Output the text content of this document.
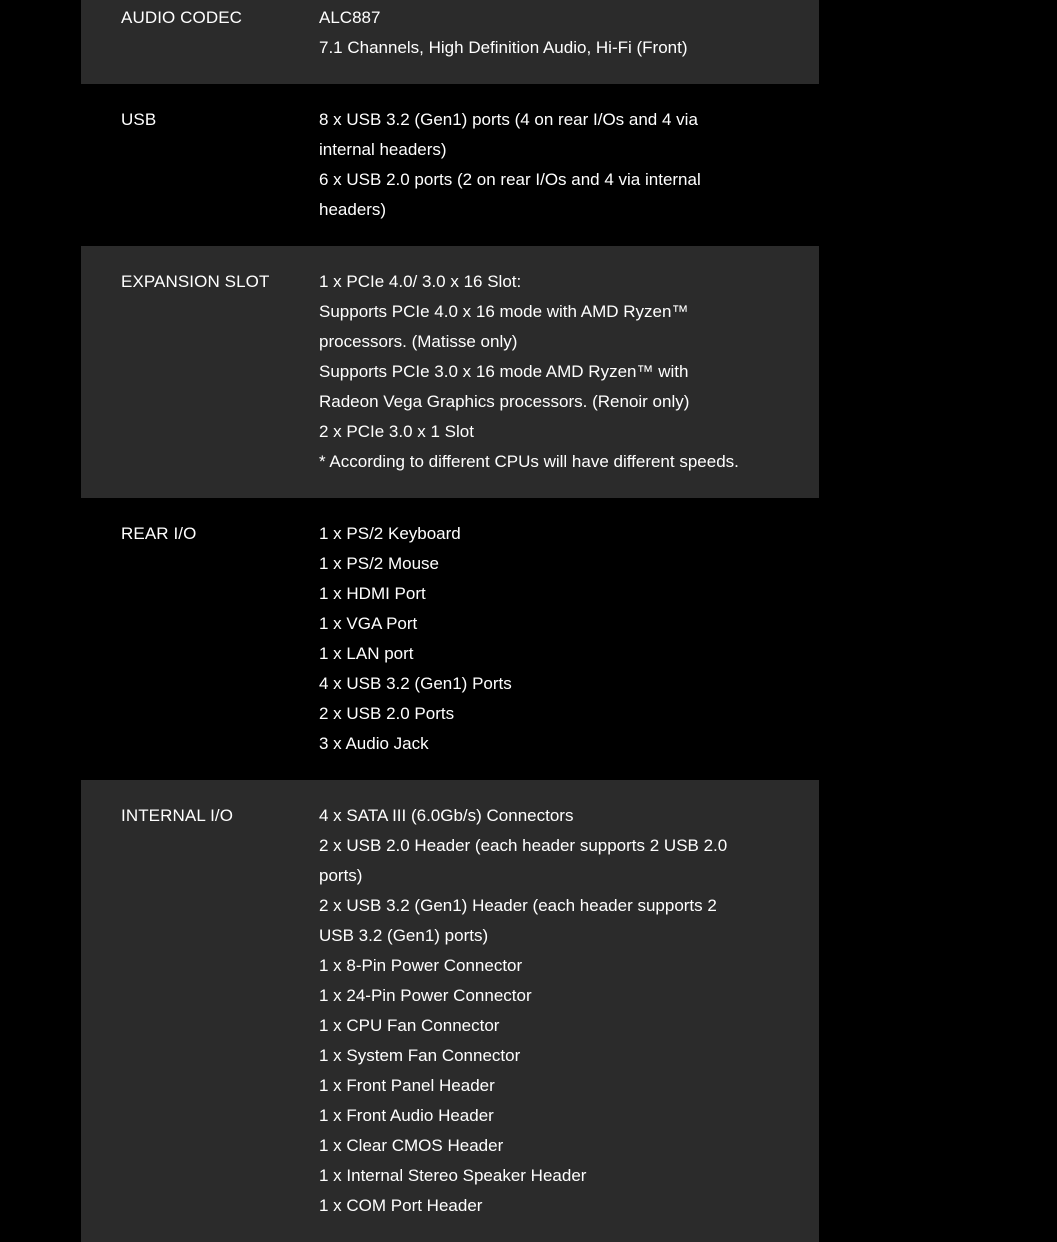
AUDIO CODEC	ALC887
7.1 Channels, High Definition Audio, Hi-Fi (Front)
USB	8 x USB 3.2 (Gen1) ports (4 on rear I/Os and 4 via internal headers)
6 x USB 2.0 ports (2 on rear I/Os and 4 via internal headers)
EXPANSION SLOT	1 x PCIe 4.0/ 3.0 x 16 Slot:
Supports PCIe 4.0 x 16 mode with AMD Ryzen™ processors. (Matisse only)
Supports PCIe 3.0 x 16 mode AMD Ryzen™ with Radeon Vega Graphics processors. (Renoir only)
2 x PCIe 3.0 x 1 Slot
* According to different CPUs will have different speeds.
REAR I/O	1 x PS/2 Keyboard
1 x PS/2 Mouse
1 x HDMI Port
1 x VGA Port
1 x LAN port
4 x USB 3.2 (Gen1) Ports
2 x USB 2.0 Ports
3 x Audio Jack
INTERNAL I/O	4 x SATA III (6.0Gb/s) Connectors
2 x USB 2.0 Header (each header supports 2 USB 2.0 ports)
2 x USB 3.2 (Gen1) Header (each header supports 2 USB 3.2 (Gen1) ports)
1 x 8-Pin Power Connector
1 x 24-Pin Power Connector
1 x CPU Fan Connector
1 x System Fan Connector
1 x Front Panel Header
1 x Front Audio Header
1 x Clear CMOS Header
1 x Internal Stereo Speaker Header
1 x COM Port Header
